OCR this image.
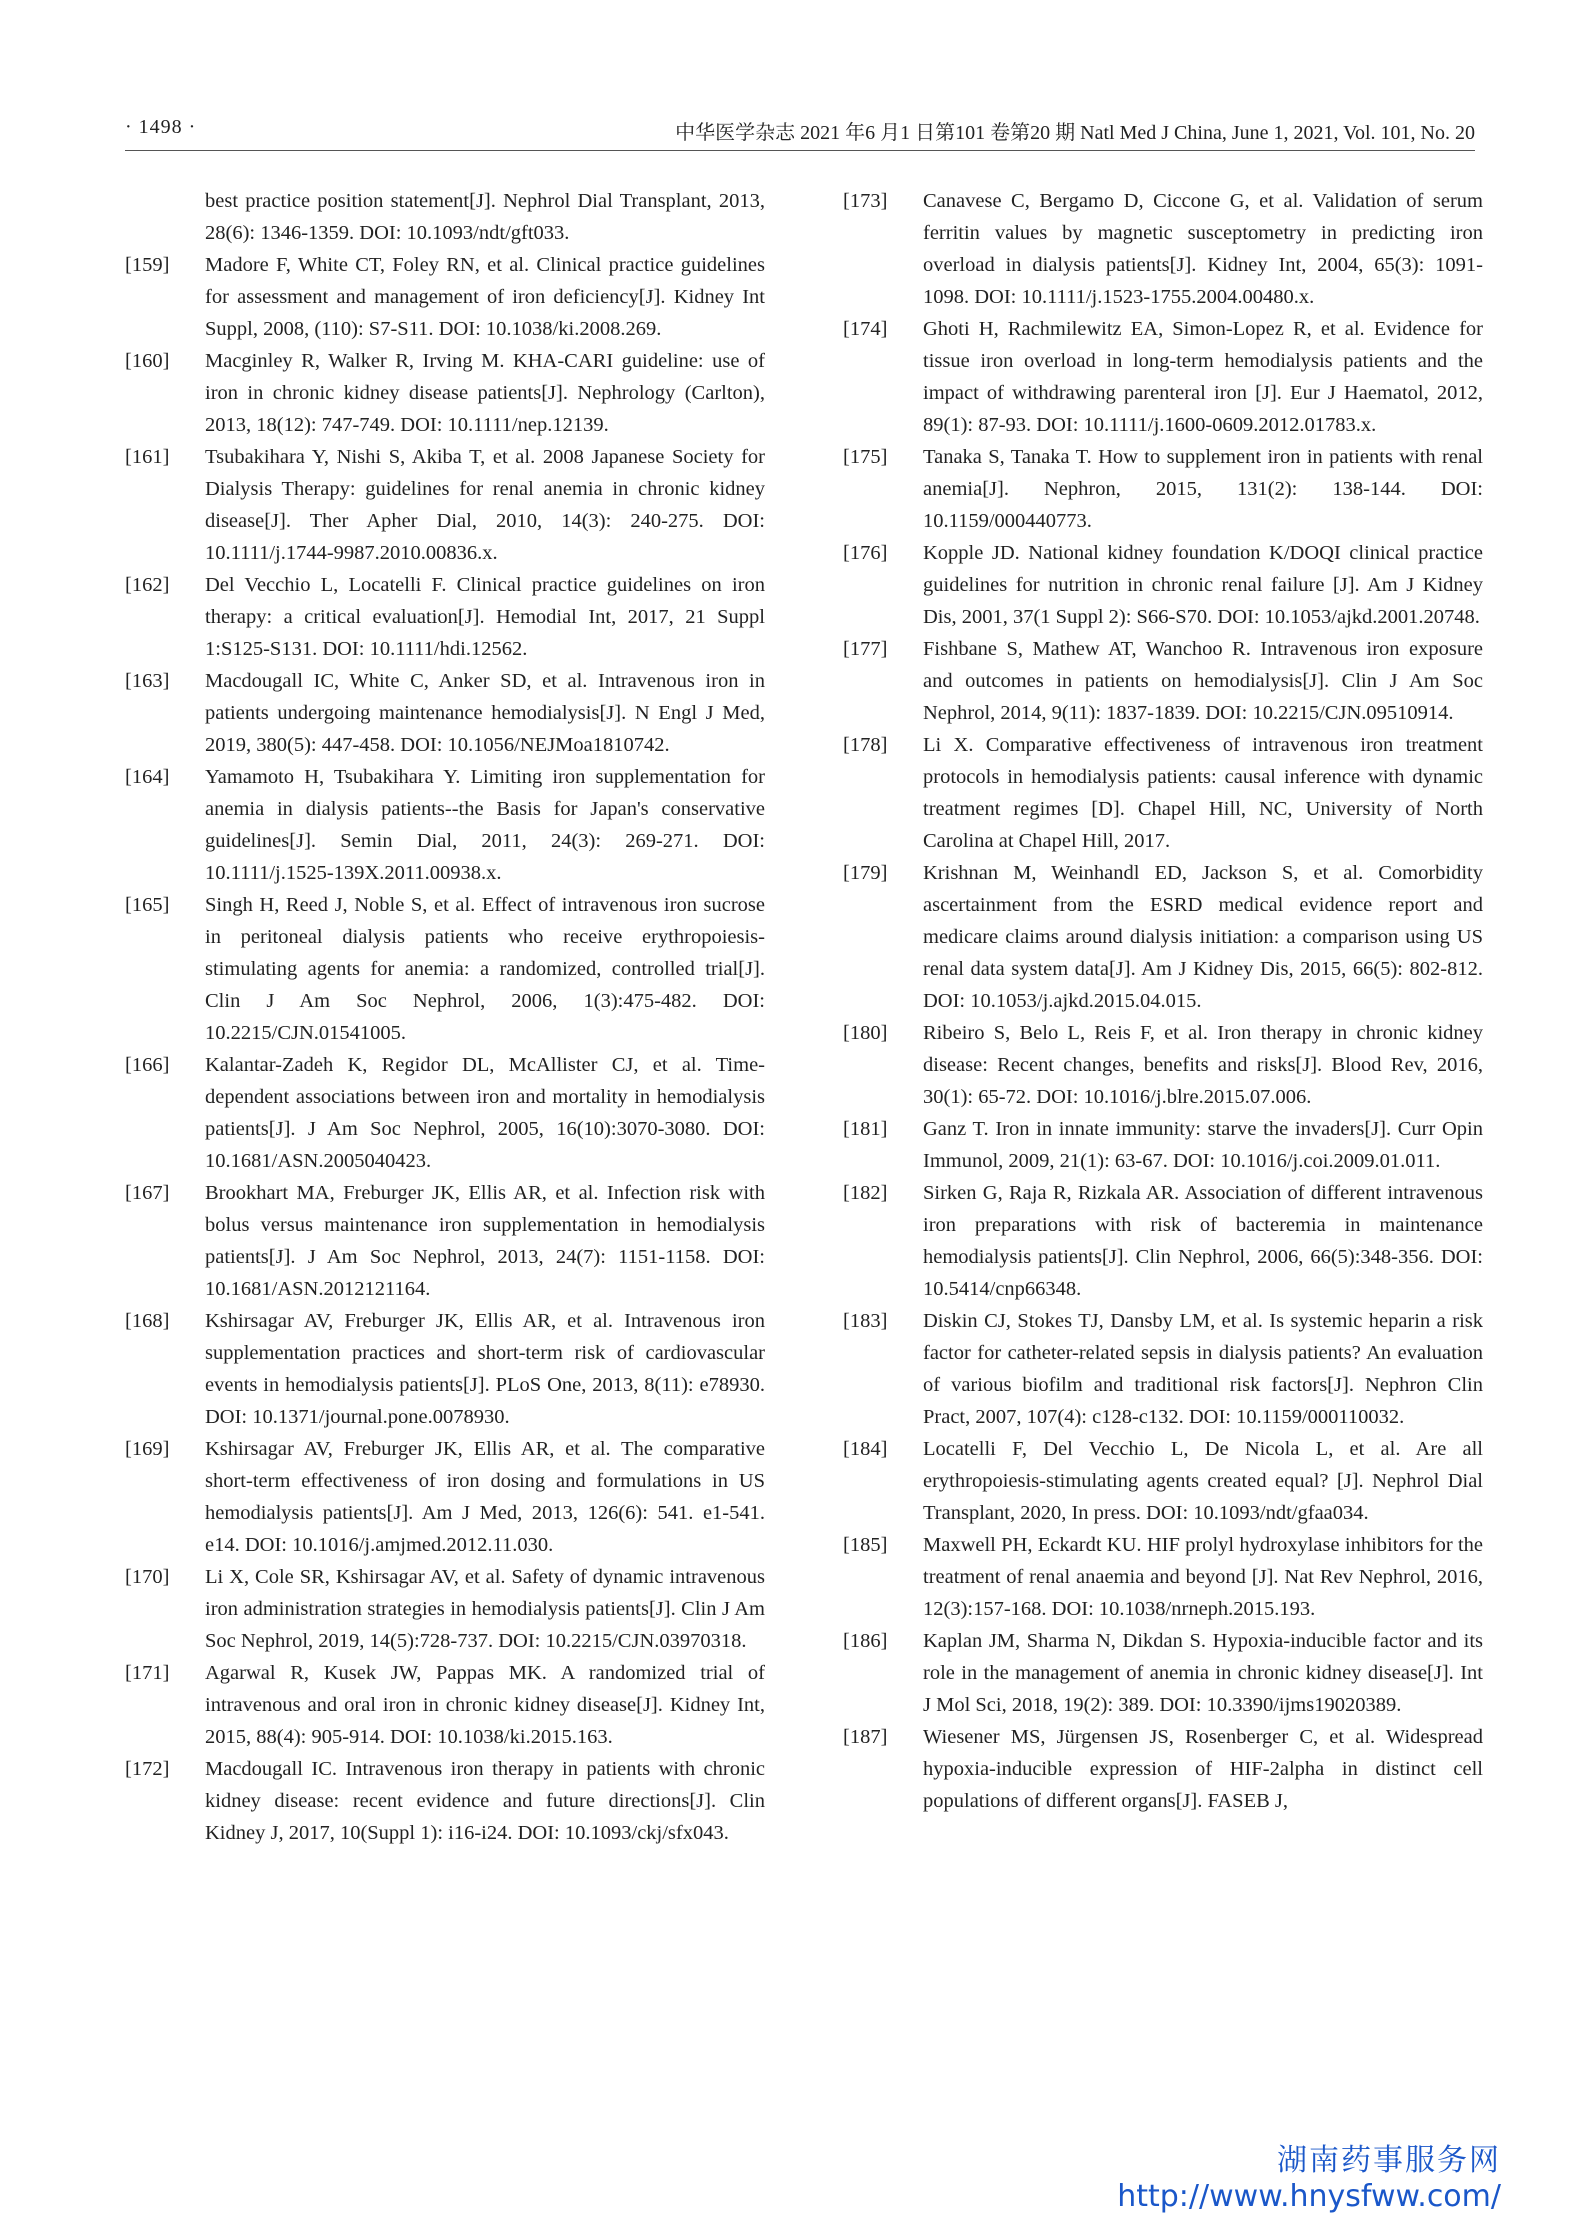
· 1498 ·	中华医学杂志 2021 年6 月1 日第101 卷第20 期 Natl Med J China, June 1, 2021, Vol. 101, No. 20
best practice position statement[J]. Nephrol Dial Transplant, 2013, 28(6): 1346-1359. DOI: 10.1093/ndt/gft033.
[159] Madore F, White CT, Foley RN, et al. Clinical practice guidelines for assessment and management of iron deficiency[J]. Kidney Int Suppl, 2008, (110): S7-S11. DOI: 10.1038/ki.2008.269.
[160] Macginley R, Walker R, Irving M. KHA-CARI guideline: use of iron in chronic kidney disease patients[J]. Nephrology (Carlton), 2013, 18(12): 747-749. DOI: 10.1111/nep.12139.
[161] Tsubakihara Y, Nishi S, Akiba T, et al. 2008 Japanese Society for Dialysis Therapy: guidelines for renal anemia in chronic kidney disease[J]. Ther Apher Dial, 2010, 14(3): 240-275. DOI: 10.1111/j.1744-9987.2010.00836.x.
[162] Del Vecchio L, Locatelli F. Clinical practice guidelines on iron therapy: a critical evaluation[J]. Hemodial Int, 2017, 21 Suppl 1:S125-S131. DOI: 10.1111/hdi.12562.
[163] Macdougall IC, White C, Anker SD, et al. Intravenous iron in patients undergoing maintenance hemodialysis[J]. N Engl J Med, 2019, 380(5): 447-458. DOI: 10.1056/NEJMoa1810742.
[164] Yamamoto H, Tsubakihara Y. Limiting iron supplementation for anemia in dialysis patients--the Basis for Japan's conservative guidelines[J]. Semin Dial, 2011, 24(3): 269-271. DOI: 10.1111/j.1525-139X.2011.00938.x.
[165] Singh H, Reed J, Noble S, et al. Effect of intravenous iron sucrose in peritoneal dialysis patients who receive erythropoiesis-stimulating agents for anemia: a randomized, controlled trial[J]. Clin J Am Soc Nephrol, 2006, 1(3):475-482. DOI: 10.2215/CJN.01541005.
[166] Kalantar-Zadeh K, Regidor DL, McAllister CJ, et al. Time-dependent associations between iron and mortality in hemodialysis patients[J]. J Am Soc Nephrol, 2005, 16(10):3070-3080. DOI: 10.1681/ASN.2005040423.
[167] Brookhart MA, Freburger JK, Ellis AR, et al. Infection risk with bolus versus maintenance iron supplementation in hemodialysis patients[J]. J Am Soc Nephrol, 2013, 24(7): 1151-1158. DOI: 10.1681/ASN.2012121164.
[168] Kshirsagar AV, Freburger JK, Ellis AR, et al. Intravenous iron supplementation practices and short-term risk of cardiovascular events in hemodialysis patients[J]. PLoS One, 2013, 8(11): e78930. DOI: 10.1371/journal.pone.0078930.
[169] Kshirsagar AV, Freburger JK, Ellis AR, et al. The comparative short-term effectiveness of iron dosing and formulations in US hemodialysis patients[J]. Am J Med, 2013, 126(6): 541. e1-541. e14. DOI: 10.1016/j.amjmed.2012.11.030.
[170] Li X, Cole SR, Kshirsagar AV, et al. Safety of dynamic intravenous iron administration strategies in hemodialysis patients[J]. Clin J Am Soc Nephrol, 2019, 14(5):728-737. DOI: 10.2215/CJN.03970318.
[171] Agarwal R, Kusek JW, Pappas MK. A randomized trial of intravenous and oral iron in chronic kidney disease[J]. Kidney Int, 2015, 88(4): 905-914. DOI: 10.1038/ki.2015.163.
[172] Macdougall IC. Intravenous iron therapy in patients with chronic kidney disease: recent evidence and future directions[J]. Clin Kidney J, 2017, 10(Suppl 1): i16-i24. DOI: 10.1093/ckj/sfx043.
[173] Canavese C, Bergamo D, Ciccone G, et al. Validation of serum ferritin values by magnetic susceptometry in predicting iron overload in dialysis patients[J]. Kidney Int, 2004, 65(3): 1091-1098. DOI: 10.1111/j.1523-1755.2004.00480.x.
[174] Ghoti H, Rachmilewitz EA, Simon-Lopez R, et al. Evidence for tissue iron overload in long-term hemodialysis patients and the impact of withdrawing parenteral iron [J]. Eur J Haematol, 2012, 89(1): 87-93. DOI: 10.1111/j.1600-0609.2012.01783.x.
[175] Tanaka S, Tanaka T. How to supplement iron in patients with renal anemia[J]. Nephron, 2015, 131(2): 138-144. DOI: 10.1159/000440773.
[176] Kopple JD. National kidney foundation K/DOQI clinical practice guidelines for nutrition in chronic renal failure [J]. Am J Kidney Dis, 2001, 37(1 Suppl 2): S66-S70. DOI: 10.1053/ajkd.2001.20748.
[177] Fishbane S, Mathew AT, Wanchoo R. Intravenous iron exposure and outcomes in patients on hemodialysis[J]. Clin J Am Soc Nephrol, 2014, 9(11): 1837-1839. DOI: 10.2215/CJN.09510914.
[178] Li X. Comparative effectiveness of intravenous iron treatment protocols in hemodialysis patients: causal inference with dynamic treatment regimes [D]. Chapel Hill, NC, University of North Carolina at Chapel Hill, 2017.
[179] Krishnan M, Weinhandl ED, Jackson S, et al. Comorbidity ascertainment from the ESRD medical evidence report and medicare claims around dialysis initiation: a comparison using US renal data system data[J]. Am J Kidney Dis, 2015, 66(5): 802-812. DOI: 10.1053/j.ajkd.2015.04.015.
[180] Ribeiro S, Belo L, Reis F, et al. Iron therapy in chronic kidney disease: Recent changes, benefits and risks[J]. Blood Rev, 2016, 30(1): 65-72. DOI: 10.1016/j.blre.2015.07.006.
[181] Ganz T. Iron in innate immunity: starve the invaders[J]. Curr Opin Immunol, 2009, 21(1): 63-67. DOI: 10.1016/j.coi.2009.01.011.
[182] Sirken G, Raja R, Rizkala AR. Association of different intravenous iron preparations with risk of bacteremia in maintenance hemodialysis patients[J]. Clin Nephrol, 2006, 66(5):348-356. DOI: 10.5414/cnp66348.
[183] Diskin CJ, Stokes TJ, Dansby LM, et al. Is systemic heparin a risk factor for catheter-related sepsis in dialysis patients? An evaluation of various biofilm and traditional risk factors[J]. Nephron Clin Pract, 2007, 107(4): c128-c132. DOI: 10.1159/000110032.
[184] Locatelli F, Del Vecchio L, De Nicola L, et al. Are all erythropoiesis-stimulating agents created equal? [J]. Nephrol Dial Transplant, 2020, In press. DOI: 10.1093/ndt/gfaa034.
[185] Maxwell PH, Eckardt KU. HIF prolyl hydroxylase inhibitors for the treatment of renal anaemia and beyond [J]. Nat Rev Nephrol, 2016, 12(3):157-168. DOI: 10.1038/nrneph.2015.193.
[186] Kaplan JM, Sharma N, Dikdan S. Hypoxia-inducible factor and its role in the management of anemia in chronic kidney disease[J]. Int J Mol Sci, 2018, 19(2): 389. DOI: 10.3390/ijms19020389.
[187] Wiesener MS, Jürgensen JS, Rosenberger C, et al. Widespread hypoxia-inducible expression of HIF-2alpha in distinct cell populations of different organs[J]. FASEB J,
湖南药事服务网
http://www.hnysfww.com/
